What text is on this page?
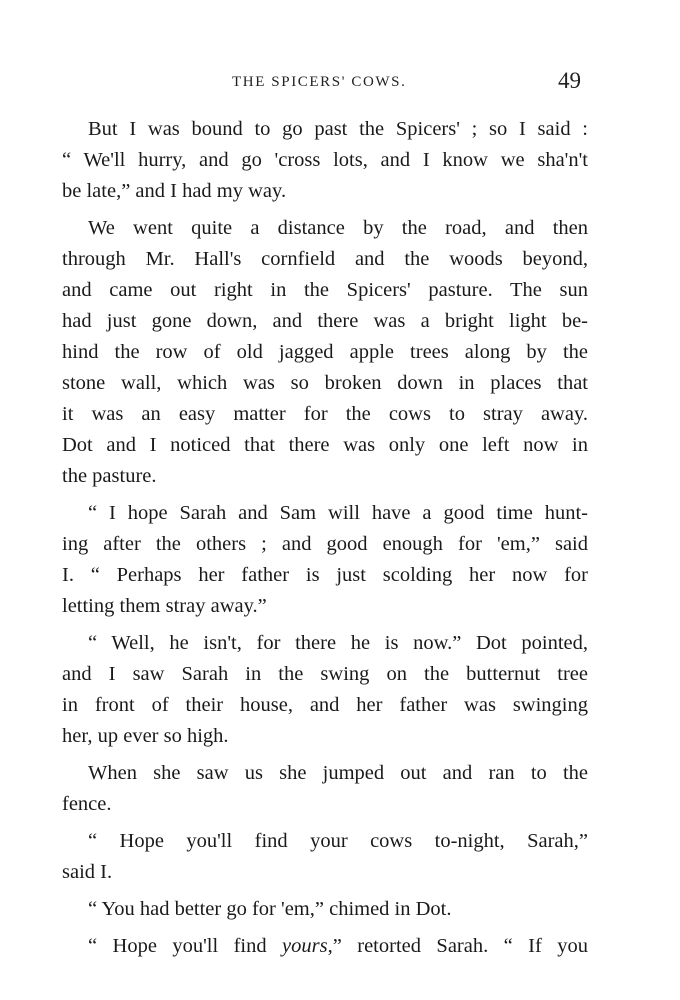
THE SPICERS' COWS.	49
But I was bound to go past the Spicers' ; so I said :
“ We'll hurry, and go 'cross lots, and I know we sha'n't
be late,” and I had my way.
We went quite a distance by the road, and then
through Mr. Hall's cornfield and the woods beyond,
and came out right in the Spicers' pasture. The sun
had just gone down, and there was a bright light be-
hind the row of old jagged apple trees along by the
stone wall, which was so broken down in places that
it was an easy matter for the cows to stray away.
Dot and I noticed that there was only one left now in
the pasture.
“ I hope Sarah and Sam will have a good time hunt-
ing after the others ; and good enough for 'em,” said
I. “ Perhaps her father is just scolding her now for
letting them stray away.”
“ Well, he isn't, for there he is now.” Dot pointed,
and I saw Sarah in the swing on the butternut tree
in front of their house, and her father was swinging
her, up ever so high.
When she saw us she jumped out and ran to the
fence.
“ Hope you'll find your cows to-night, Sarah,”
said I.
“ You had better go for 'em,” chimed in Dot.
“ Hope you'll find yours,” retorted Sarah. “ If you
